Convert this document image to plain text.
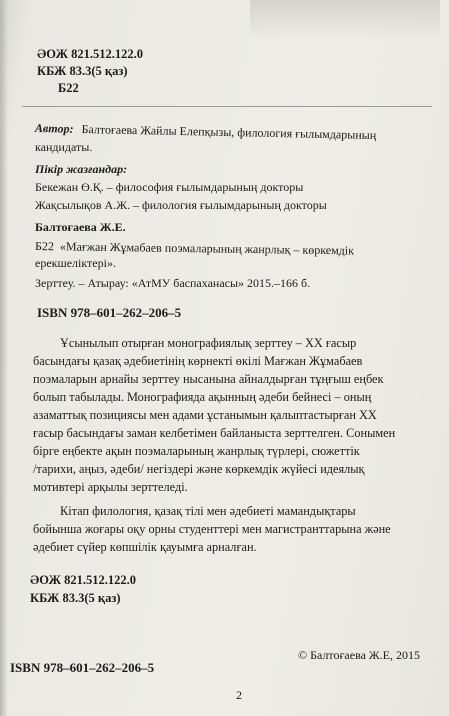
ӘОЖ 821.512.122.0
КБЖ 83.3(5 қаз)
Б22
Автор: Балтоғаева Жайлы Елепқызы, филология ғылымдарының
кандидаты.
Пікір жазғандар:
Бекежан Ө.Қ. – философия ғылымдарының докторы
Жақсылықов А.Ж. – филология ғылымдарының докторы
Балтоғаева Ж.Е.
Б22 «Мағжан Жұмабаев поэмаларының жанрлық – көркемдік
ерекшеліктері».
Зерттеу. – Атырау: «АтМУ баспаханасы» 2015.–166 б.
ISBN 978–601–262–206–5
Ұсынылып отырған монографиялық зерттеу – XX ғасыр
басындағы қазақ әдебиетінің көрнекті өкілі Мағжан Жұмабаев
поэмаларын арнайы зерттеу нысанына айналдырған тұңғыш еңбек
болып табылады. Монографияда ақынның әдеби бейнесі – оның
азаматтық позициясы мен адами ұстанымын қалыптастырған XX
ғасыр басындағы заман келбетімен байланыста зерттелген. Сонымен
бірге еңбекте ақын поэмаларының жанрлық түрлері, сюжеттік
/тарихи, аңыз, әдеби/ негіздері және көркемдік жүйесі идеялық
мотивтері арқылы зерттеледі.
Кітап филология, қазақ тілі мен әдебиеті мамандықтары
бойынша жоғары оқу орны студенттері мен магистранттарына және
әдебиет сүйер көпшілік қауымға арналған.
ӘОЖ 821.512.122.0
КБЖ 83.3(5 қаз)
ISBN 978–601–262–206–5
© Балтоғаева Ж.Е, 2015
2
